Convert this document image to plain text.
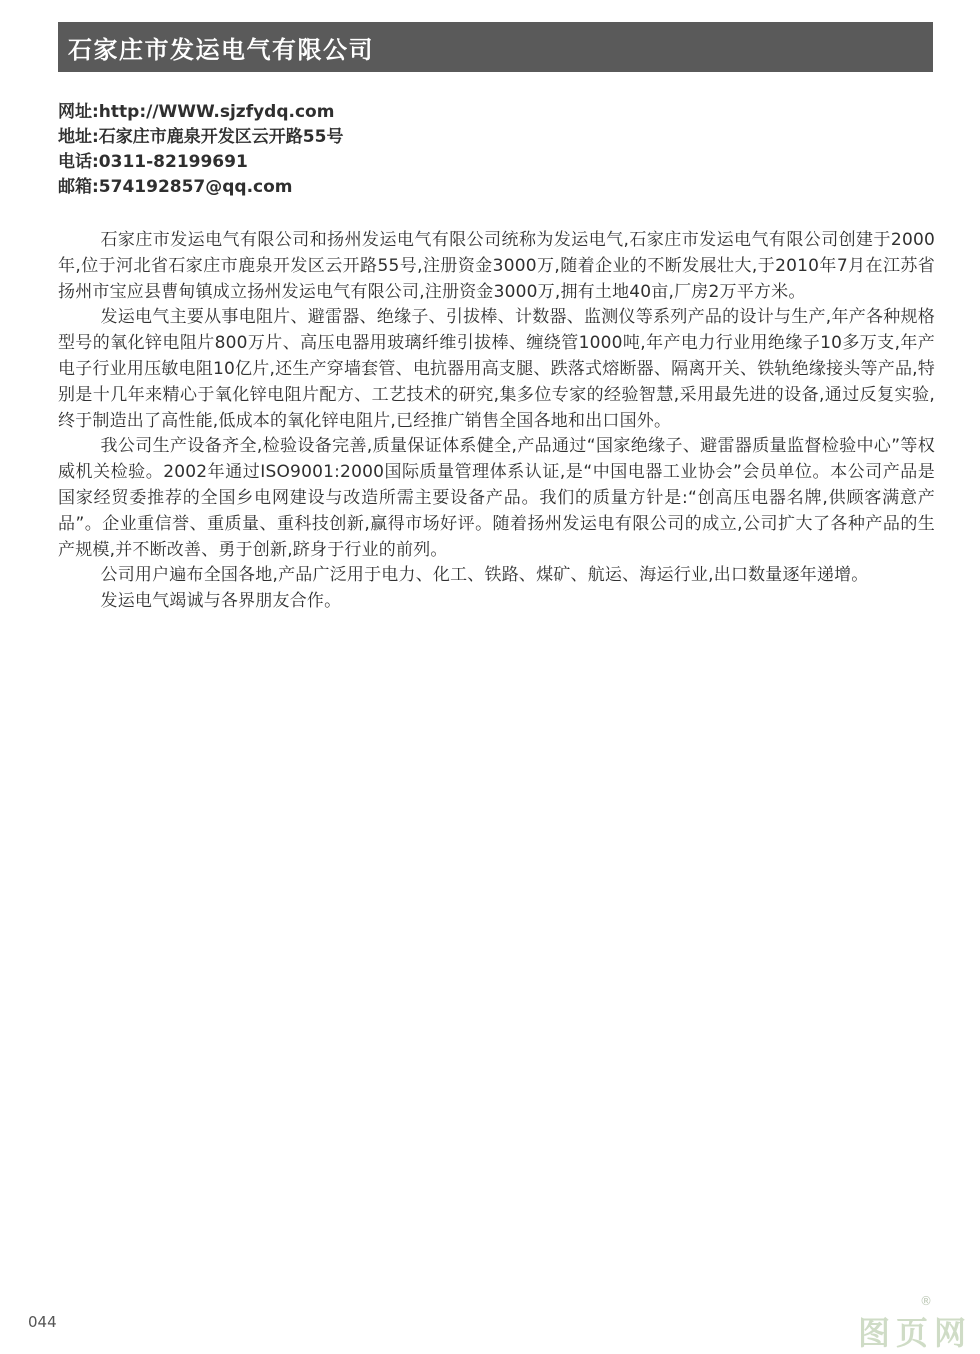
石家庄市发运电气有限公司
网址:http://WWW.sjzfydq.com
地址:石家庄市鹿泉开发区云开路55号
电话:0311-82199691
邮箱:574192857@qq.com

石家庄市发运电气有限公司和扬州发运电气有限公司统称为发运电气,石家庄市发运电气有限公司创建于2000年,位于河北省石家庄市鹿泉开发区云开路55号,注册资金3000万,随着企业的不断发展壮大,于2010年7月在江苏省扬州市宝应县曹甸镇成立扬州发运电气有限公司,注册资金3000万,拥有土地40亩,厂房2万平方米。

发运电气主要从事电阻片、避雷器、绝缘子、引拔棒、计数器、监测仪等系列产品的设计与生产,年产各种规格型号的氧化锌电阻片800万片、高压电器用玻璃纤维引拔棒、缠绕管1000吨,年产电力行业用绝缘子10多万支,年产电子行业用压敏电阻10亿片,还生产穿墙套管、电抗器用高支腿、跌落式熔断器、隔离开关、铁轨绝缘接头等产品,特别是十几年来精心于氧化锌电阻片配方、工艺技术的研究,集多位专家的经验智慧,采用最先进的设备,通过反复实验,终于制造出了高性能,低成本的氧化锌电阻片,已经推广销售全国各地和出口国外。

我公司生产设备齐全,检验设备完善,质量保证体系健全,产品通过“国家绝缘子、避雷器质量监督检验中心”等权威机关检验。2002年通过ISO9001:2000国际质量管理体系认证,是“中国电器工业协会”会员单位。本公司产品是国家经贸委推荐的全国乡电网建设与改造所需主要设备产品。我们的质量方针是:“创高压电器名牌,供顾客满意产品”。企业重信誉、重质量、重科技创新,赢得市场好评。随着扬州发运电有限公司的成立,公司扩大了各种产品的生产规模,并不断改善、勇于创新,跻身于行业的前列。

公司用户遍布全国各地,产品广泛用于电力、化工、铁路、煤矿、航运、海运行业,出口数量逐年递增。

发运电气竭诚与各界朋友合作。

044	图页网
®
